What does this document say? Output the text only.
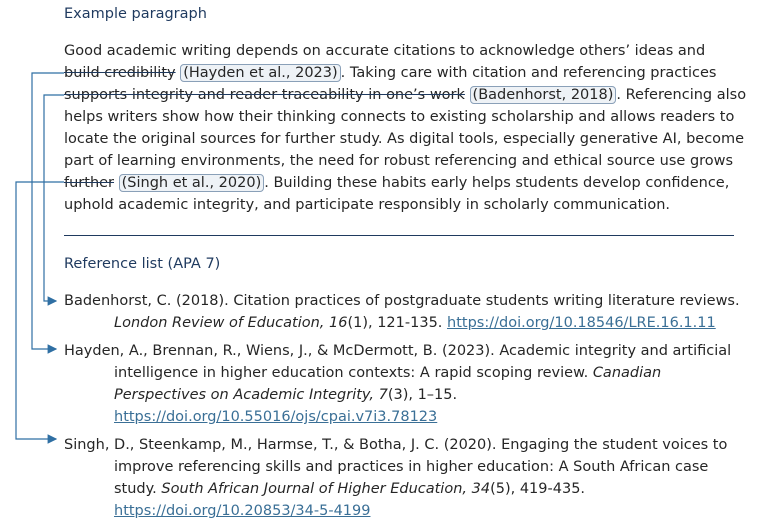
Example paragraph
Good academic writing depends on accurate citations to acknowledge others’ ideas and
build credibility (Hayden et al., 2023) . Taking care with citation and referencing practices
supports integrity and reader traceability in one’s work (Badenhorst, 2018) . Referencing also
helps writers show how their thinking connects to existing scholarship and allows readers to
locate the original sources for further study. As digital tools, especially generative AI, become
part of learning environments, the need for robust referencing and ethical source use grows
further (Singh et al., 2020) . Building these habits early helps students develop confidence,
uphold academic integrity, and participate responsibly in scholarly communication.
Reference list (APA 7)

Badenhorst, C. (2018). Citation practices of postgraduate students writing literature reviews. London Review of Education, 16(1), 121-135. https://doi.org/10.18546/LRE.16.1.11

Hayden, A., Brennan, R., Wiens, J., & McDermott, B. (2023). Academic integrity and artificial intelligence in higher education contexts: A rapid scoping review. Canadian Perspectives on Academic Integrity, 7(3), 1–15. https://doi.org/10.55016/ojs/cpai.v7i3.78123

Singh, D., Steenkamp, M., Harmse, T., & Botha, J. C. (2020). Engaging the student voices to improve referencing skills and practices in higher education: A South African case study. South African Journal of Higher Education, 34(5), 419-435. https://doi.org/10.20853/34-5-4199
